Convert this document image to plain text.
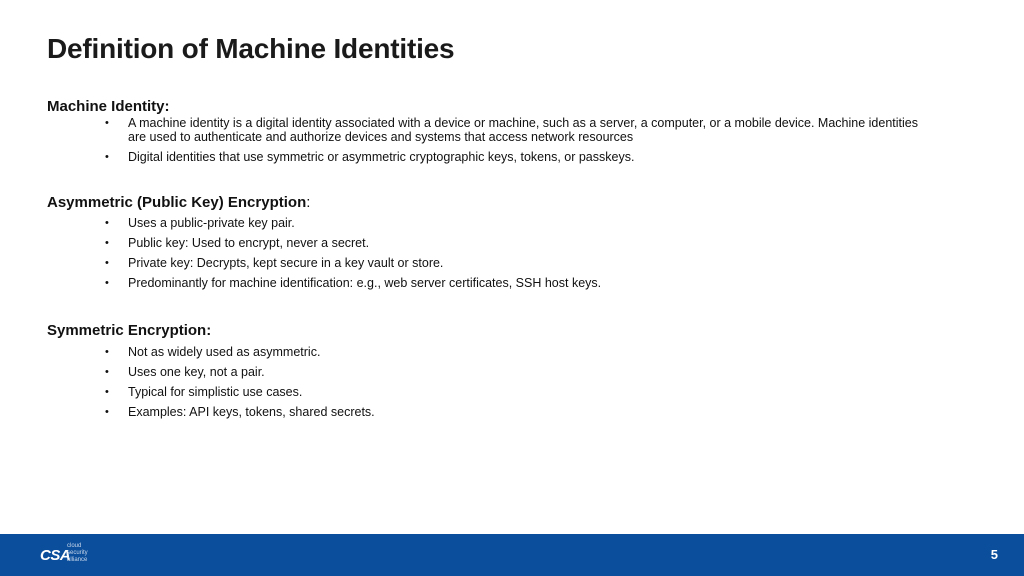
Definition of Machine Identities
Machine Identity:
• A machine identity is a digital identity associated with a device or machine, such as a server, a computer, or a mobile device. Machine identities are used to authenticate and authorize devices and systems that access network resources
• Digital identities that use symmetric or asymmetric cryptographic keys, tokens, or passkeys.
Asymmetric (Public Key) Encryption:
• Uses a public-private key pair.
• Public key: Used to encrypt, never a secret.
• Private key: Decrypts, kept secure in a key vault or store.
• Predominantly for machine identification: e.g., web server certificates, SSH host keys.
Symmetric Encryption:
• Not as widely used as asymmetric.
• Uses one key, not a pair.
• Typical for simplistic use cases.
• Examples: API keys, tokens, shared secrets.
CSA
cloud
security
alliance	5
